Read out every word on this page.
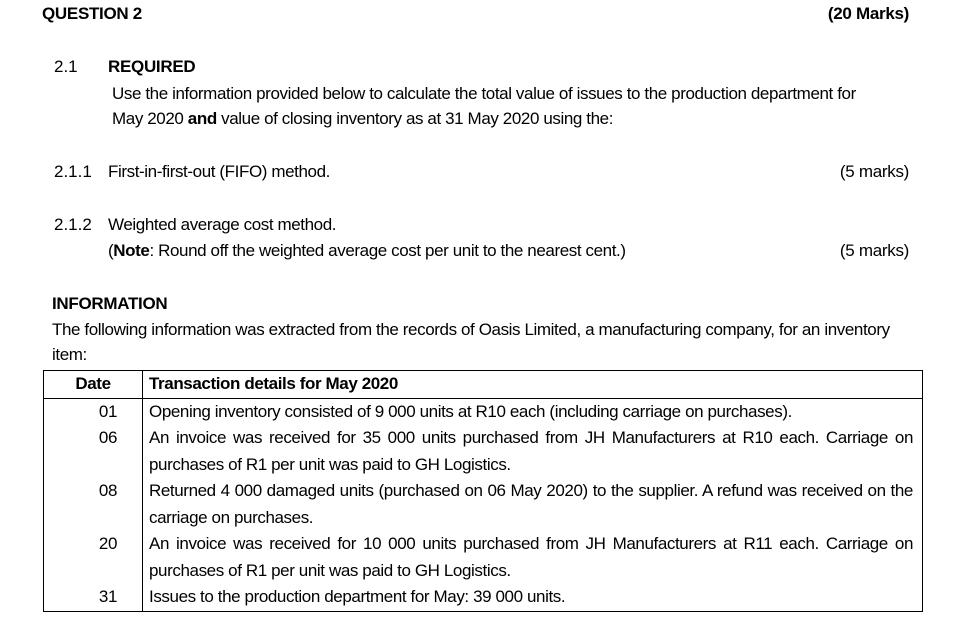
QUESTION 2	(20 Marks)
2.1 REQUIRED
Use the information provided below to calculate the total value of issues to the production department for
May 2020 and value of closing inventory as at 31 May 2020 using the:
2.1.1 First-in-first-out (FIFO) method.	(5 marks)
2.1.2 Weighted average cost method.
(Note: Round off the weighted average cost per unit to the nearest cent.)	(5 marks)
INFORMATION
The following information was extracted from the records of Oasis Limited, a manufacturing company, for an inventory
item:
Date	Transaction details for May 2020
01	Opening inventory consisted of 9 000 units at R10 each (including carriage on purchases).
06	An invoice was received for 35 000 units purchased from JH Manufacturers at R10 each. Carriage on purchases of R1 per unit was paid to GH Logistics.
08	Returned 4 000 damaged units (purchased on 06 May 2020) to the supplier. A refund was received on the carriage on purchases.
20	An invoice was received for 10 000 units purchased from JH Manufacturers at R11 each. Carriage on purchases of R1 per unit was paid to GH Logistics.
31	Issues to the production department for May: 39 000 units.
